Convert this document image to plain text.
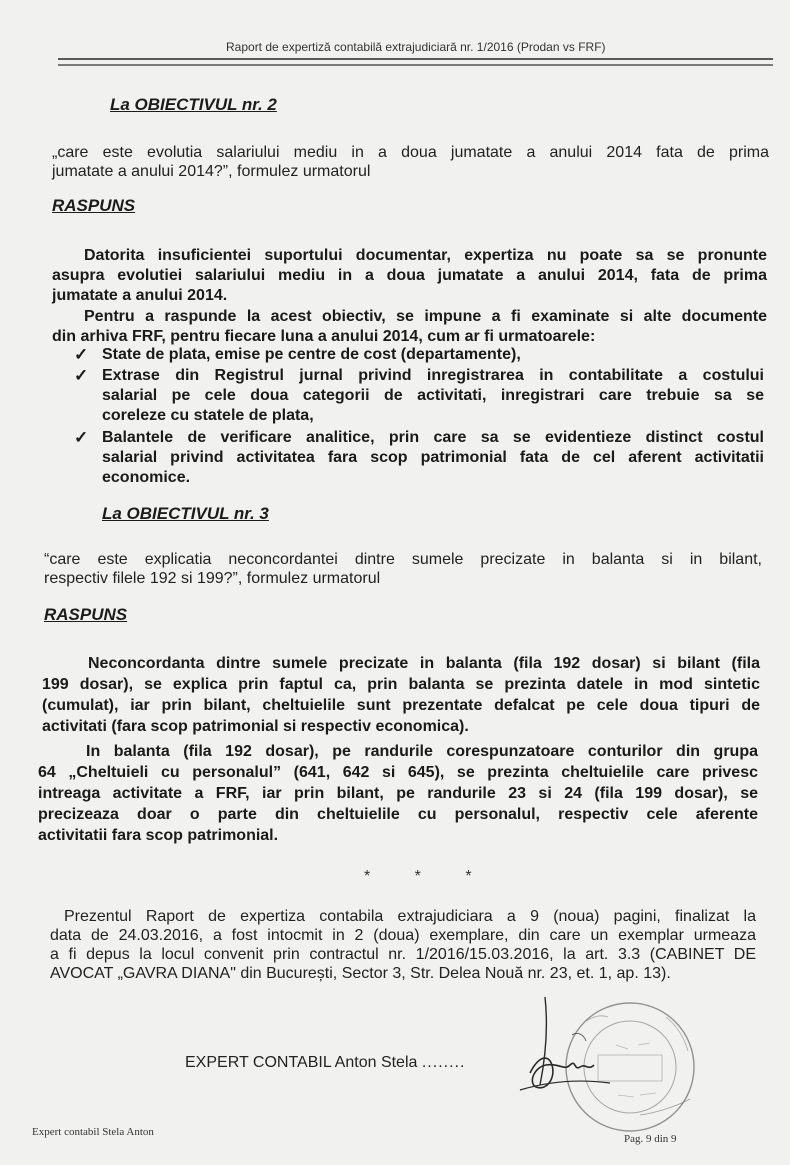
Raport de expertiză contabilă extrajudiciară nr. 1/2016 (Prodan vs FRF)
La OBIECTIVUL nr. 2
„care este evolutia salariului mediu in a doua jumatate a anului 2014 fata de prima
jumatate a anului 2014?”, formulez urmatorul
RASPUNS
Datorita insuficientei suportului documentar, expertiza nu poate sa se pronunte
asupra evolutiei salariului mediu in a doua jumatate a anului 2014, fata de prima
jumatate a anului 2014.
Pentru a raspunde la acest obiectiv, se impune a fi examinate si alte documente
din arhiva FRF, pentru fiecare luna a anului 2014, cum ar fi urmatoarele:
✓ State de plata, emise pe centre de cost (departamente),
✓ Extrase din Registrul jurnal privind inregistrarea in contabilitate a costului
salarial pe cele doua categorii de activitati, inregistrari care trebuie sa se
coreleze cu statele de plata,
✓ Balantele de verificare analitice, prin care sa se evidentieze distinct costul
salarial privind activitatea fara scop patrimonial fata de cel aferent activitatii
economice.
La OBIECTIVUL nr. 3
“care este explicatia neconcordantei dintre sumele precizate in balanta si in bilant,
respectiv filele 192 si 199?”, formulez urmatorul
RASPUNS
Neconcordanta dintre sumele precizate in balanta (fila 192 dosar) si bilant (fila
199 dosar), se explica prin faptul ca, prin balanta se prezinta datele in mod sintetic
(cumulat), iar prin bilant, cheltuielile sunt prezentate defalcat pe cele doua tipuri de
activitati (fara scop patrimonial si respectiv economica).
In balanta (fila 192 dosar), pe randurile corespunzatoare conturilor din grupa
64 „Cheltuieli cu personalul” (641, 642 si 645), se prezinta cheltuielile care privesc
intreaga activitate a FRF, iar prin bilant, pe randurile 23 si 24 (fila 199 dosar), se
precizeaza doar o parte din cheltuielile cu personalul, respectiv cele aferente
activitatii fara scop patrimonial.
* * *
Prezentul Raport de expertiza contabila extrajudiciara a 9 (noua) pagini, finalizat la
data de 24.03.2016, a fost intocmit in 2 (doua) exemplare, din care un exemplar urmeaza
a fi depus la locul convenit prin contractul nr. 1/2016/15.03.2016, la art. 3.3 (CABINET DE
AVOCAT „GAVRA DIANA" din București, Sector 3, Str. Delea Nouă nr. 23, et. 1, ap. 13).
EXPERT CONTABIL Anton Stela ........
Expert contabil Stela Anton
Pag. 9 din 9
